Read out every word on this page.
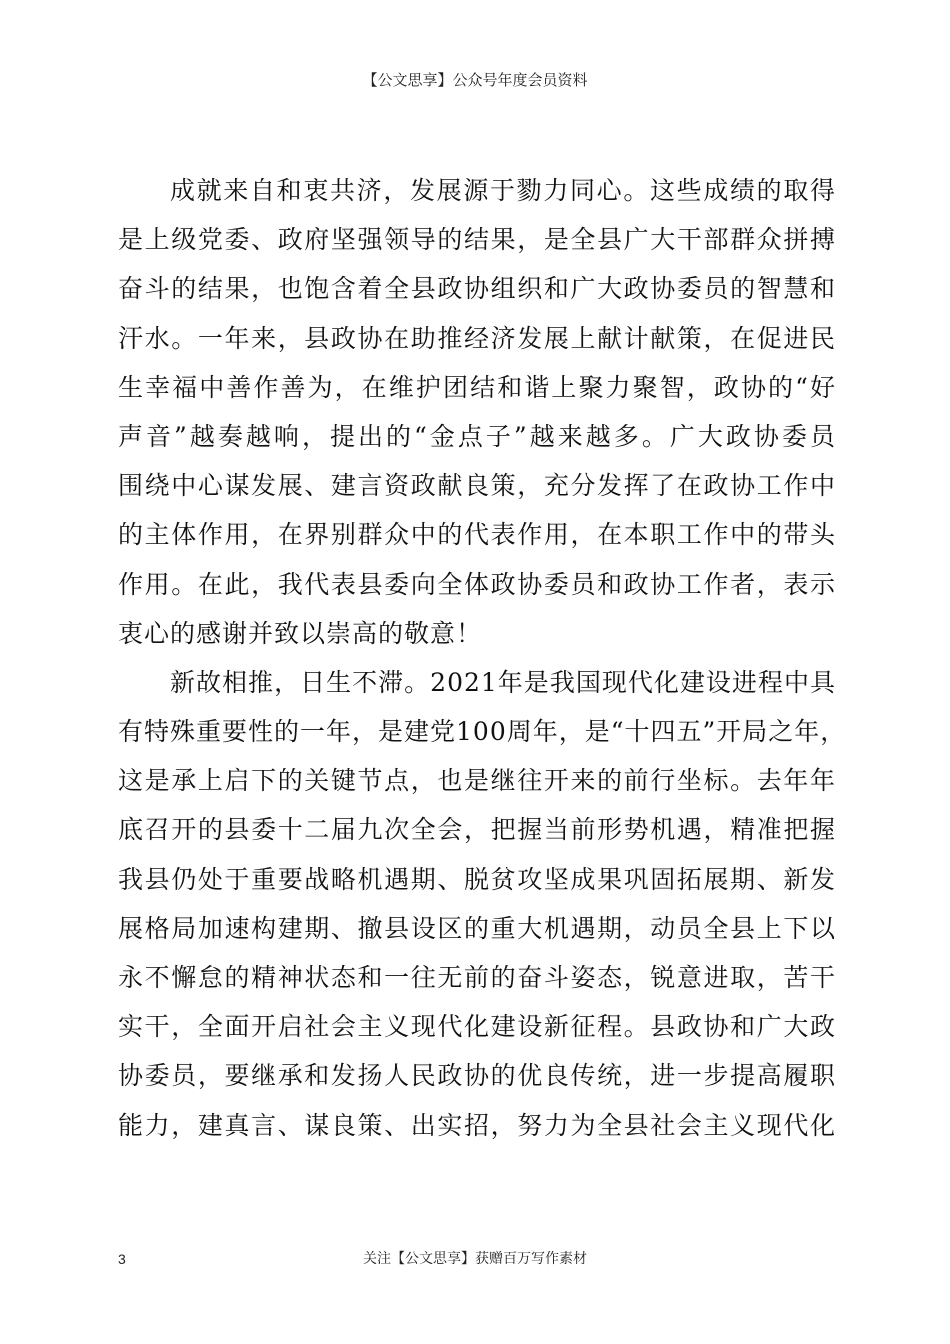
【公文思享】公众号年度会员资料
成就来自和衷共济，发展源于勠力同心。这些成绩的取得
是上级党委、政府坚强领导的结果，是全县广大干部群众拼搏
奋斗的结果，也饱含着全县政协组织和广大政协委员的智慧和
汗水。一年来，县政协在助推经济发展上献计献策，在促进民
生幸福中善作善为，在维护团结和谐上聚力聚智，政协的“好
声音”越奏越响，提出的“金点子”越来越多。广大政协委员
围绕中心谋发展、建言资政献良策，充分发挥了在政协工作中
的主体作用，在界别群众中的代表作用，在本职工作中的带头
作用。在此，我代表县委向全体政协委员和政协工作者，表示
衷心的感谢并致以崇高的敬意！
新故相推，日生不滞。2021年是我国现代化建设进程中具
有特殊重要性的一年，是建党100周年，是“十四五”开局之年，
这是承上启下的关键节点，也是继往开来的前行坐标。去年年
底召开的县委十二届九次全会，把握当前形势机遇，精准把握
我县仍处于重要战略机遇期、脱贫攻坚成果巩固拓展期、新发
展格局加速构建期、撤县设区的重大机遇期，动员全县上下以
永不懈怠的精神状态和一往无前的奋斗姿态，锐意进取，苦干
实干，全面开启社会主义现代化建设新征程。县政协和广大政
协委员，要继承和发扬人民政协的优良传统，进一步提高履职
能力，建真言、谋良策、出实招，努力为全县社会主义现代化
3	关注【公文思享】获赠百万写作素材
